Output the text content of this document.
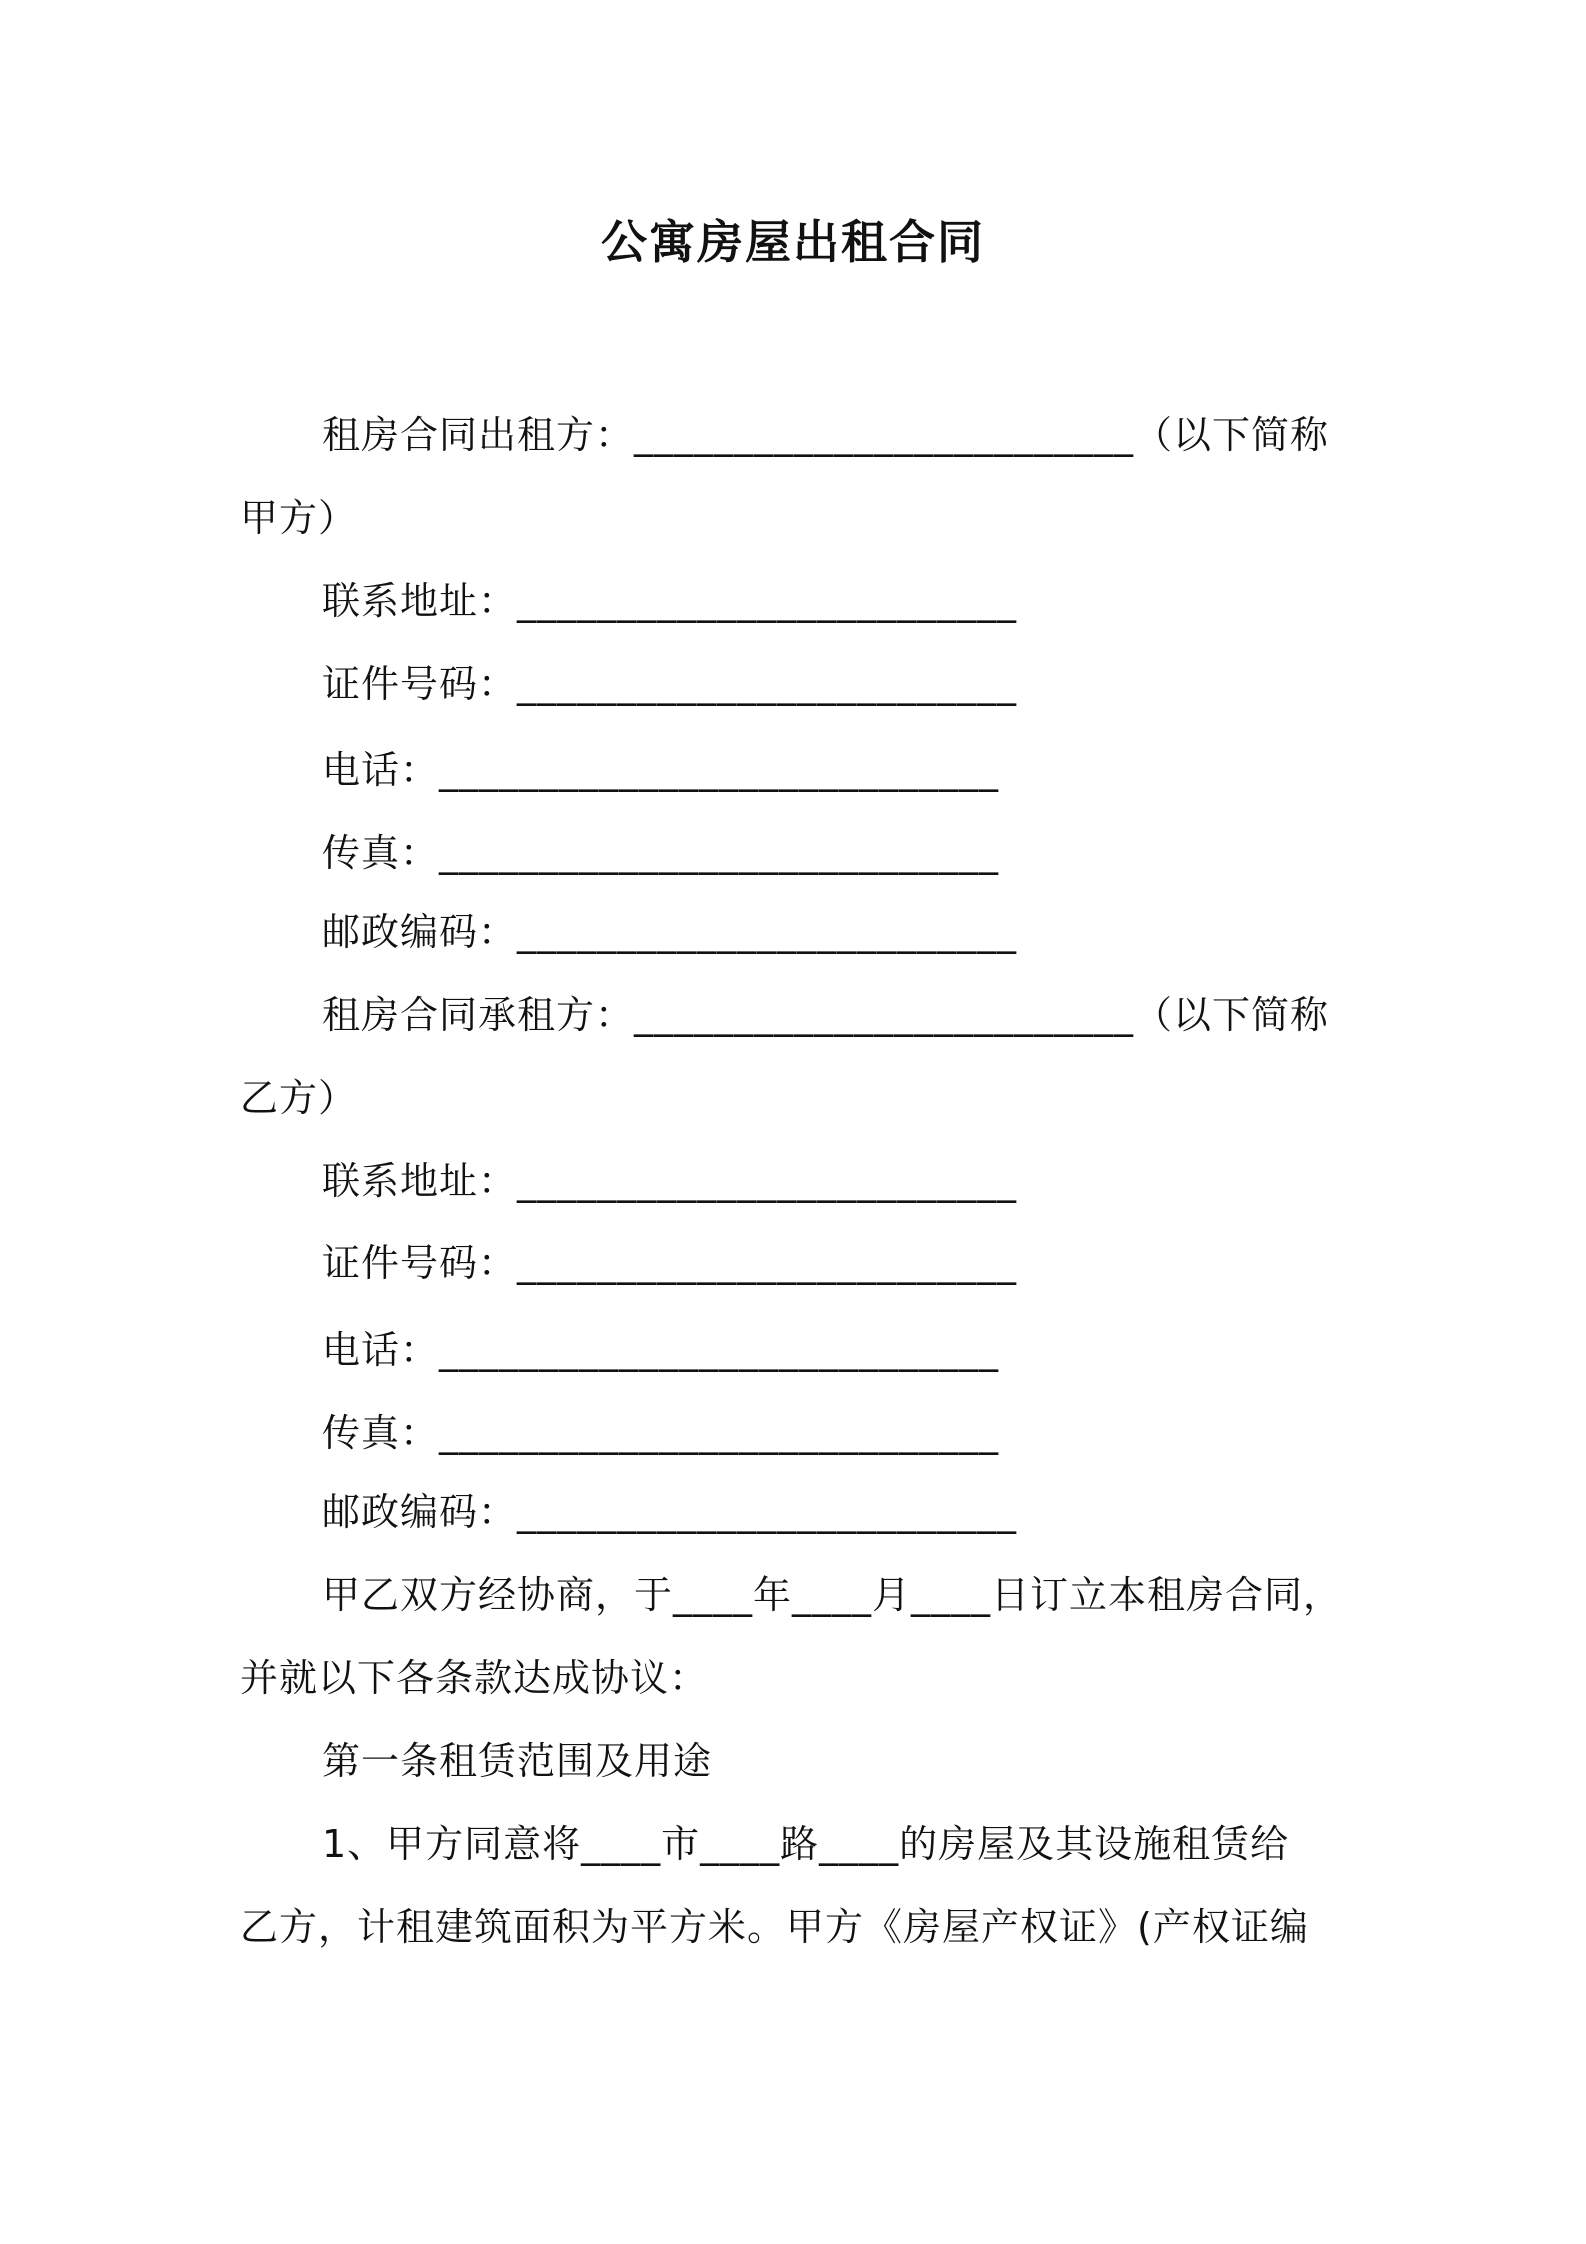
公寓房屋出租合同
租房合同出租方：_________________________（以下简称
甲方）
联系地址：_________________________
证件号码：_________________________
电话：____________________________
传真：____________________________
邮政编码：_________________________
租房合同承租方：_________________________（以下简称
乙方）
联系地址：_________________________
证件号码：_________________________
电话：____________________________
传真：____________________________
邮政编码：_________________________
甲乙双方经协商，于____年____月____日订立本租房合同，
并就以下各条款达成协议：
第一条租赁范围及用途
1、甲方同意将____市____路____的房屋及其设施租赁给
乙方，计租建筑面积为平方米。甲方《房屋产权证》(产权证编
